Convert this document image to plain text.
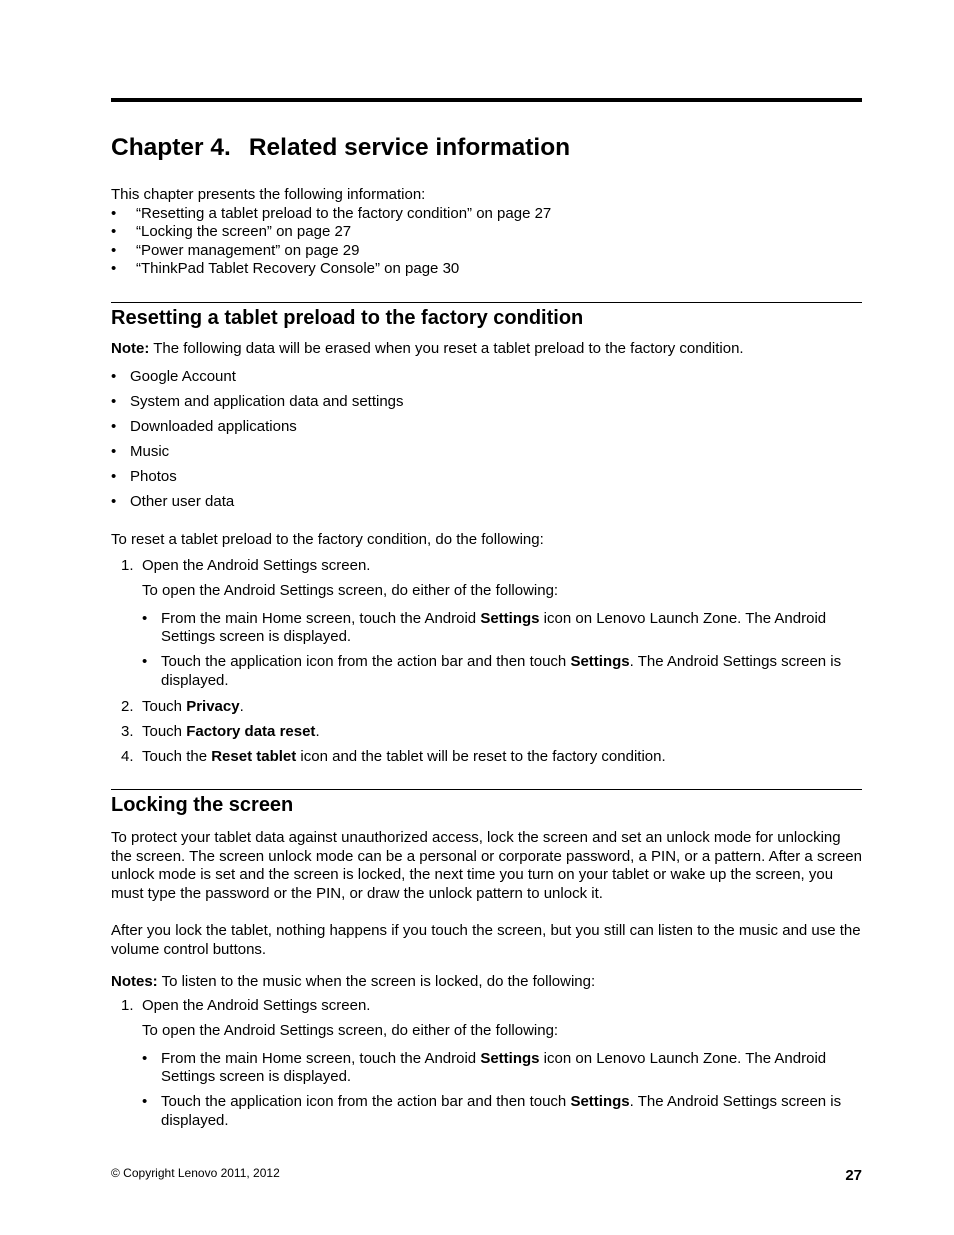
Chapter 4. Related service information

This chapter presents the following information:

• “Resetting a tablet preload to the factory condition” on page 27
• “Locking the screen” on page 27
• “Power management” on page 29
• “ThinkPad Tablet Recovery Console” on page 30
Resetting a tablet preload to the factory condition

Note: The following data will be erased when you reset a tablet preload to the factory condition.

• Google Account
• System and application data and settings
• Downloaded applications
• Music
• Photos
• Other user data

To reset a tablet preload to the factory condition, do the following:

1. Open the Android Settings screen.

To open the Android Settings screen, do either of the following:

• From the main Home screen, touch the Android Settings icon on Lenovo Launch Zone. The Android Settings screen is displayed.
• Touch the application icon from the action bar and then touch Settings. The Android Settings screen is displayed.
2. Touch Privacy.
3. Touch Factory data reset.
4. Touch the Reset tablet icon and the tablet will be reset to the factory condition.
Locking the screen

To protect your tablet data against unauthorized access, lock the screen and set an unlock mode for unlocking the screen. The screen unlock mode can be a personal or corporate password, a PIN, or a pattern. After a screen unlock mode is set and the screen is locked, the next time you turn on your tablet or wake up the screen, you must type the password or the PIN, or draw the unlock pattern to unlock it.

After you lock the tablet, nothing happens if you touch the screen, but you still can listen to the music and use the volume control buttons.

Notes: To listen to the music when the screen is locked, do the following:

1. Open the Android Settings screen.

To open the Android Settings screen, do either of the following:

• From the main Home screen, touch the Android Settings icon on Lenovo Launch Zone. The Android Settings screen is displayed.
• Touch the application icon from the action bar and then touch Settings. The Android Settings screen is displayed.
© Copyright Lenovo 2011, 2012	27
